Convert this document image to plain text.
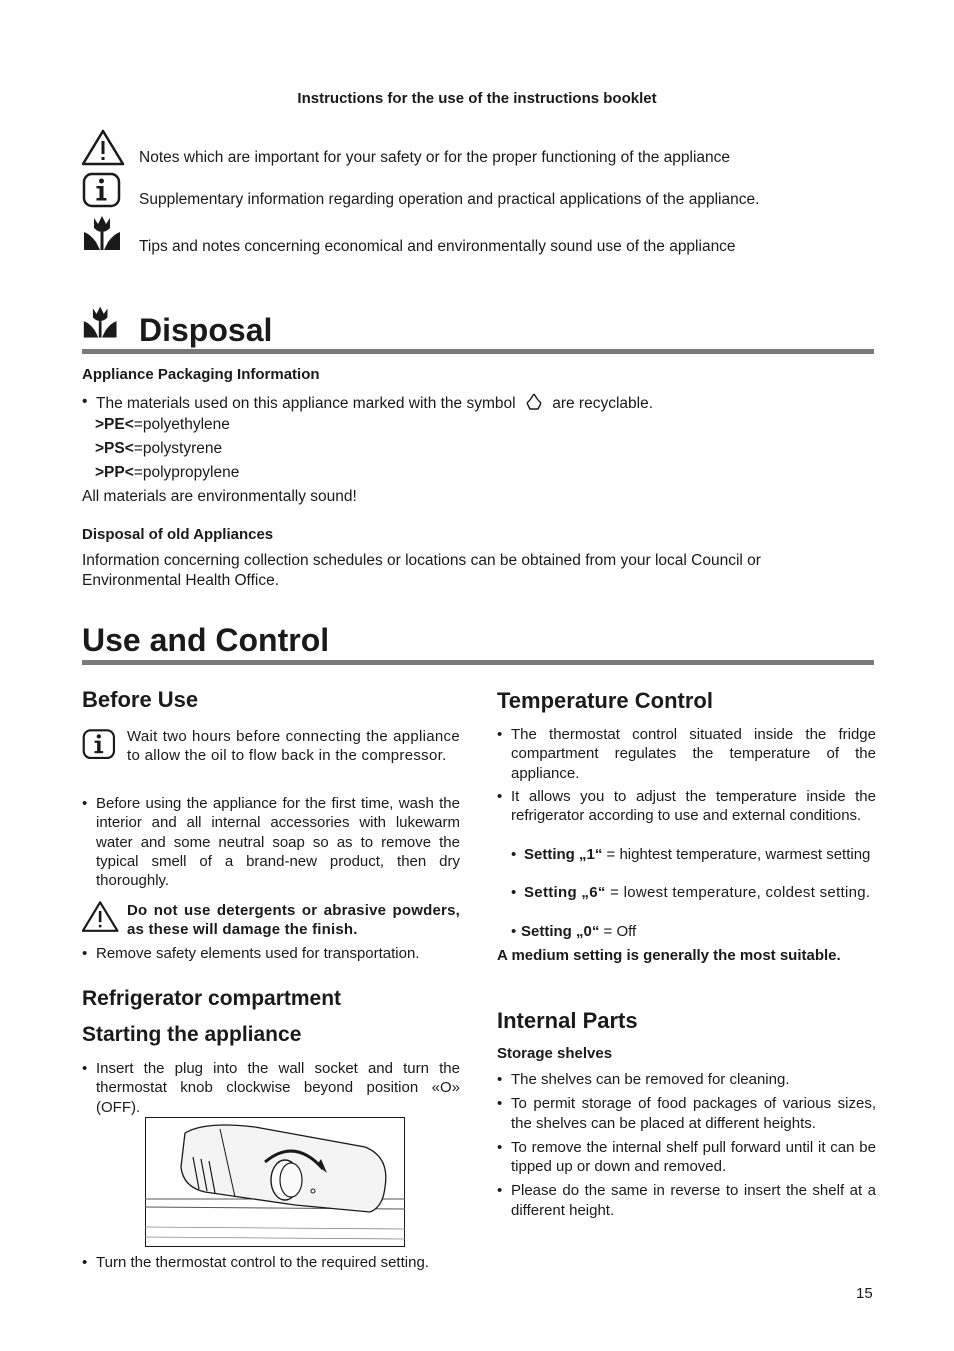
Instructions for the use of the instructions booklet
Notes which are important for your safety or for the proper functioning of the appliance
Supplementary information regarding operation and practical applications of the appliance.
Tips and notes concerning economical and environmentally sound use of the appliance
Disposal
Appliance Packaging Information
• The materials used on this appliance marked with the symbol are recyclable.
>PE<=polyethylene
>PS<=polystyrene
>PP<=polypropylene
All materials are environmentally sound!
Disposal of old Appliances
Information concerning collection schedules or locations can be obtained from your local Council or Environmental Health Office.
Use and Control
Before Use
Wait two hours before connecting the appliance to allow the oil to flow back in the compressor.
• Before using the appliance for the first time, wash the interior and all internal accessories with lukewarm water and some neutral soap so as to remove the typical smell of a brand-new product, then dry thoroughly.
Do not use detergents or abrasive powders, as these will damage the finish.
• Remove safety elements used for transportation.
Refrigerator compartment
Starting the appliance
• Insert the plug into the wall socket and turn the thermostat knob clockwise beyond position «O» (OFF).
• Turn the thermostat control to the required setting.
Temperature Control
• The thermostat control situated inside the fridge compartment regulates the temperature of the appliance.
• It allows you to adjust the temperature inside the refrigerator according to use and external conditions.
• Setting „1“ = hightest temperature, warmest setting
• Setting „6“ = lowest temperature, coldest setting.
• Setting „0“ = Off
A medium setting is generally the most suitable.
Internal Parts
Storage shelves
• The shelves can be removed for cleaning.
• To permit storage of food packages of various sizes, the shelves can be placed at different heights.
• To remove the internal shelf pull forward until it can be tipped up or down and removed.
• Please do the same in reverse to insert the shelf at a different height.
15
